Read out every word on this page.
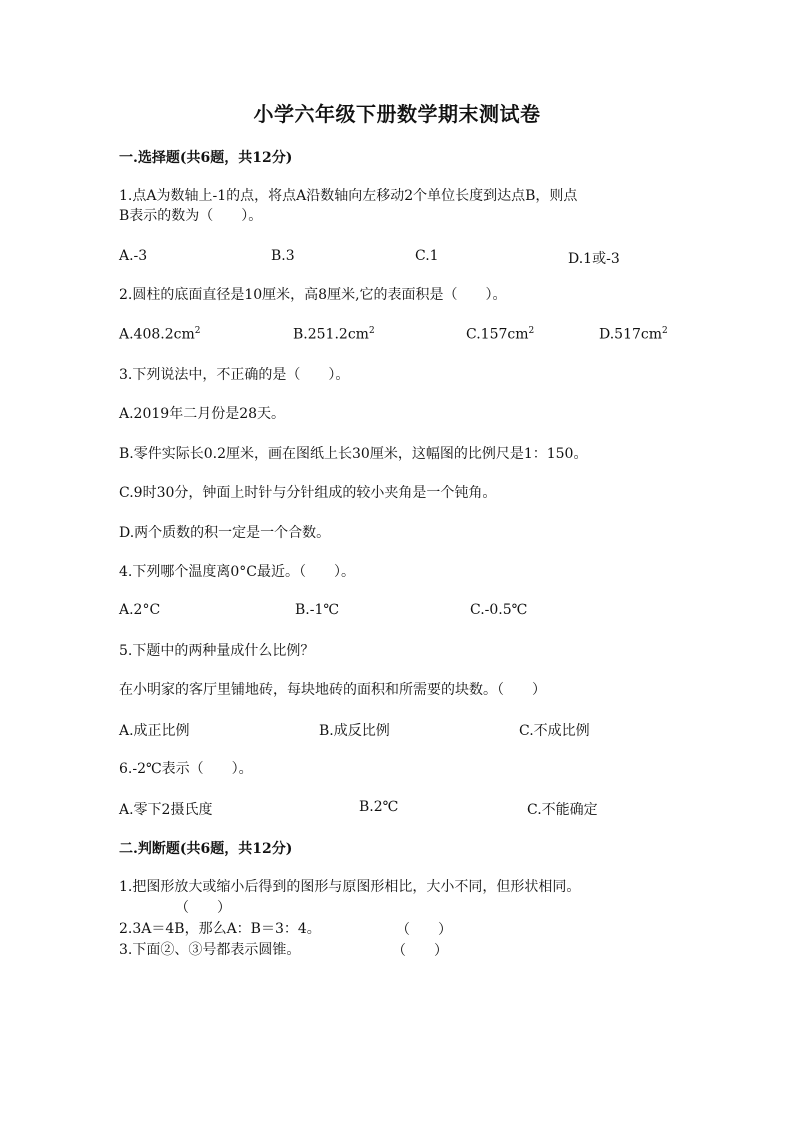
小学六年级下册数学期末测试卷
一.选择题(共6题，共12分)
1.点A为数轴上-1的点，将点A沿数轴向左移动2个单位长度到达点B，则点
B表示的数为（　　）。
A.-3	B.3	C.1	D.1或-3
2.圆柱的底面直径是10厘米，高8厘米,它的表面积是（　　）。
$A.408.2cm^2$	$B.251.2cm^2$	$C.157cm^2$	$D.517cm^2$
3.下列说法中，不正确的是（　　）。
A.2019年二月份是28天。
B.零件实际长0.2厘米，画在图纸上长30厘米，这幅图的比例尺是1：150。
C.9时30分，钟面上时针与分针组成的较小夹角是一个钝角。
D.两个质数的积一定是一个合数。
4.下列哪个温度离0°C最近。（　　）。
A.2°C	B.-1℃	C.-0.5℃
5.下题中的两种量成什么比例？
在小明家的客厅里铺地砖，每块地砖的面积和所需要的块数。（　　）
A.成正比例	B.成反比例	C.不成比例
6.-2℃表示（　　）。
A.零下2摄氏度	B.2℃	C.不能确定
二.判断题(共6题，共12分)
1.把图形放大或缩小后得到的图形与原图形相比，大小不同，但形状相同。
（　　）
2.3A＝4B，那么A：B＝3：4。	（　　）
3.下面②、③号都表示圆锥。	（　　）
